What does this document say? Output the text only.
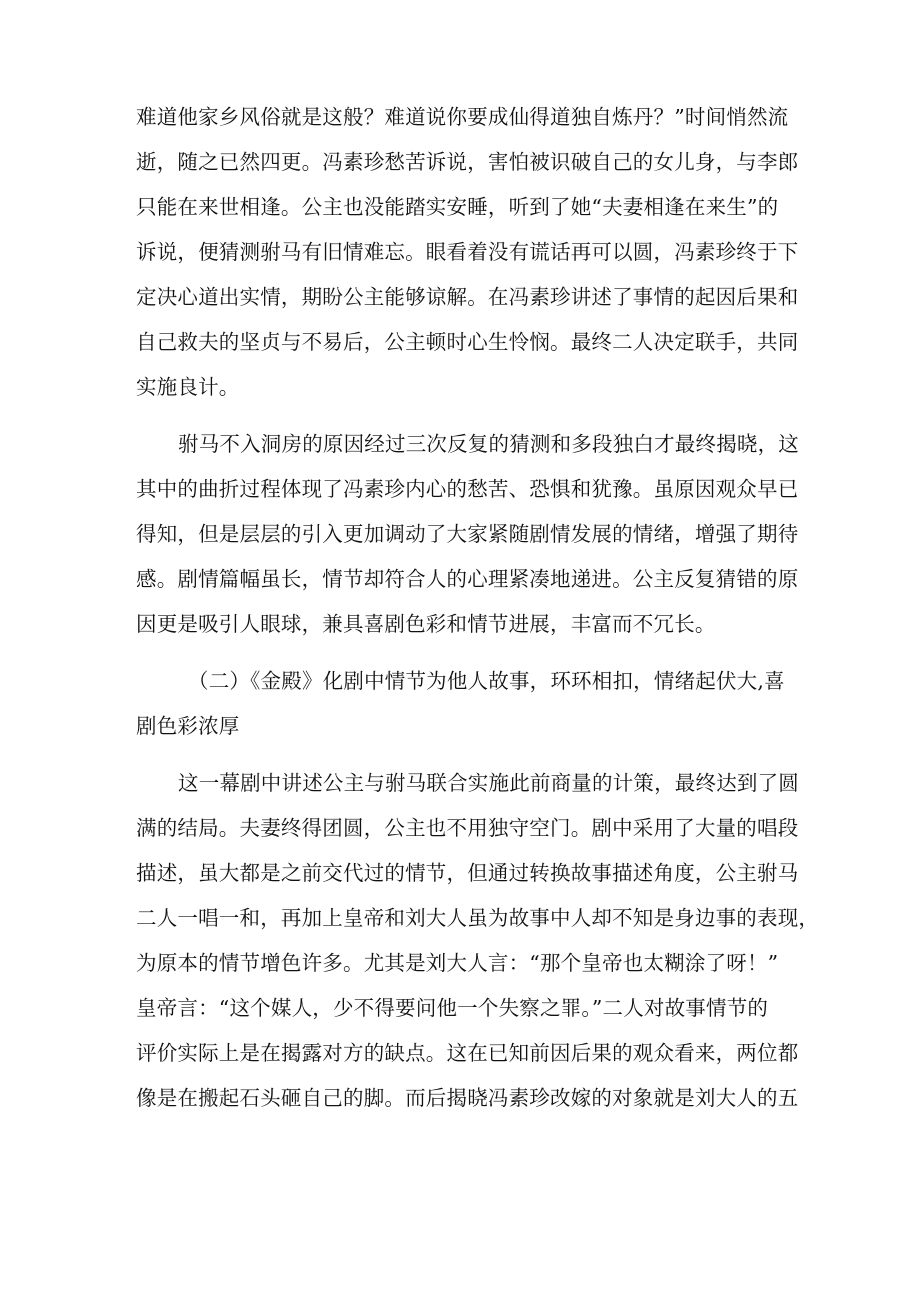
难道他家乡风俗就是这般？难道说你要成仙得道独自炼丹？”时间悄然流
逝，随之已然四更。冯素珍愁苦诉说，害怕被识破自己的女儿身，与李郎
只能在来世相逢。公主也没能踏实安睡，听到了她“夫妻相逢在来生”的
诉说，便猜测驸马有旧情难忘。眼看着没有谎话再可以圆，冯素珍终于下
定决心道出实情，期盼公主能够谅解。在冯素珍讲述了事情的起因后果和
自己救夫的坚贞与不易后，公主顿时心生怜悯。最终二人决定联手，共同
实施良计。
驸马不入洞房的原因经过三次反复的猜测和多段独白才最终揭晓，这
其中的曲折过程体现了冯素珍内心的愁苦、恐惧和犹豫。虽原因观众早已
得知，但是层层的引入更加调动了大家紧随剧情发展的情绪，增强了期待
感。剧情篇幅虽长，情节却符合人的心理紧凑地递进。公主反复猜错的原
因更是吸引人眼球，兼具喜剧色彩和情节进展，丰富而不冗长。
（二）《金殿》化剧中情节为他人故事，环环相扣，情绪起伏大,喜
剧色彩浓厚
这一幕剧中讲述公主与驸马联合实施此前商量的计策，最终达到了圆
满的结局。夫妻终得团圆，公主也不用独守空门。剧中采用了大量的唱段
描述，虽大都是之前交代过的情节，但通过转换故事描述角度，公主驸马
二人一唱一和，再加上皇帝和刘大人虽为故事中人却不知是身边事的表现，
为原本的情节增色许多。尤其是刘大人言：“那个皇帝也太糊涂了呀！”
皇帝言：“这个媒人，少不得要问他一个失察之罪。”二人对故事情节的
评价实际上是在揭露对方的缺点。这在已知前因后果的观众看来，两位都
像是在搬起石头砸自己的脚。而后揭晓冯素珍改嫁的对象就是刘大人的五
